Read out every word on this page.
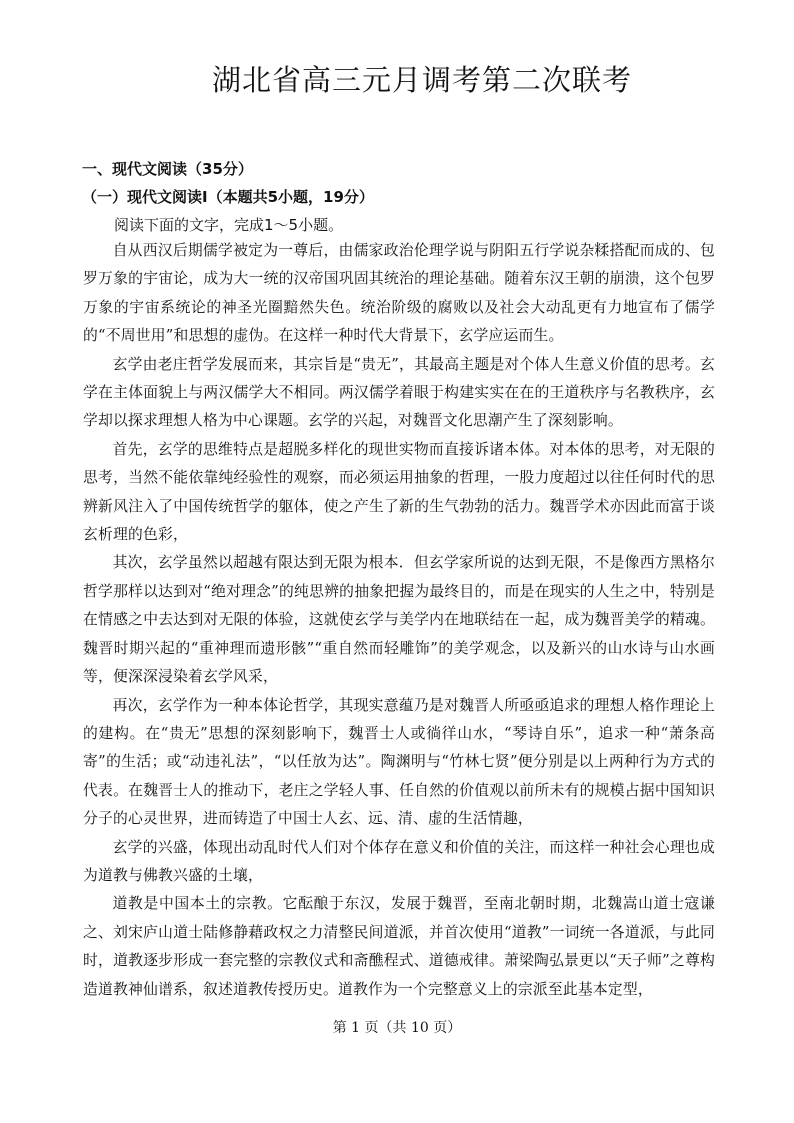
湖北省高三元月调考第二次联考
一、现代文阅读（35分）
（一）现代文阅读I（本题共5小题，19分）
阅读下面的文字，完成1～5小题。

自从西汉后期儒学被定为一尊后，由儒家政治伦理学说与阴阳五行学说杂糅搭配而成的、包罗万象的宇宙论，成为大一统的汉帝国巩固其统治的理论基础。随着东汉王朝的崩溃，这个包罗万象的宇宙系统论的神圣光圈黯然失色。统治阶级的腐败以及社会大动乱更有力地宣布了儒学的“不周世用”和思想的虚伪。在这样一种时代大背景下，玄学应运而生。

玄学由老庄哲学发展而来，其宗旨是“贵无”，其最高主题是对个体人生意义价值的思考。玄学在主体面貌上与两汉儒学大不相同。两汉儒学着眼于构建实实在在的王道秩序与名教秩序，玄学却以探求理想人格为中心课题。玄学的兴起，对魏晋文化思潮产生了深刻影响。

首先，玄学的思维特点是超脱多样化的现世实物而直接诉诸本体。对本体的思考，对无限的思考，当然不能依靠纯经验性的观察，而必须运用抽象的哲理，一股力度超过以往任何时代的思辨新风注入了中国传统哲学的躯体，使之产生了新的生气勃勃的活力。魏晋学术亦因此而富于谈玄析理的色彩，

其次，玄学虽然以超越有限达到无限为根本．但玄学家所说的达到无限，不是像西方黑格尔哲学那样以达到对“绝对理念”的纯思辨的抽象把握为最终目的，而是在现实的人生之中，特别是在情感之中去达到对无限的体验，这就使玄学与美学内在地联结在一起，成为魏晋美学的精魂。魏晋时期兴起的“重神理而遗形骸”“重自然而轻雕饰”的美学观念，以及新兴的山水诗与山水画等，便深深浸染着玄学风采，

再次，玄学作为一种本体论哲学，其现实意蕴乃是对魏晋人所亟亟追求的理想人格作理论上的建构。在“贵无”思想的深刻影响下，魏晋士人或徜徉山水，“琴诗自乐”，追求一种“萧条高寄”的生活；或“动违礼法”，“以任放为达”。陶渊明与“竹林七贤”便分别是以上两种行为方式的代表。在魏晋士人的推动下，老庄之学轻人事、任自然的价值观以前所未有的规模占据中国知识分子的心灵世界，进而铸造了中国士人玄、远、清、虚的生活情趣，

玄学的兴盛，体现出动乱时代人们对个体存在意义和价值的关注，而这样一种社会心理也成为道教与佛教兴盛的土壤，

道教是中国本土的宗教。它酝酿于东汉，发展于魏晋，至南北朝时期，北魏嵩山道士寇谦之、刘宋庐山道士陆修静藉政权之力清整民间道派，并首次使用“道教”一词统一各道派，与此同时，道教逐步形成一套完整的宗教仪式和斋醮程式、道德戒律。萧梁陶弘景更以“天子师”之尊构造道教神仙谱系，叙述道教传授历史。道教作为一个完整意义上的宗派至此基本定型，

第 1 页（共 10 页）
